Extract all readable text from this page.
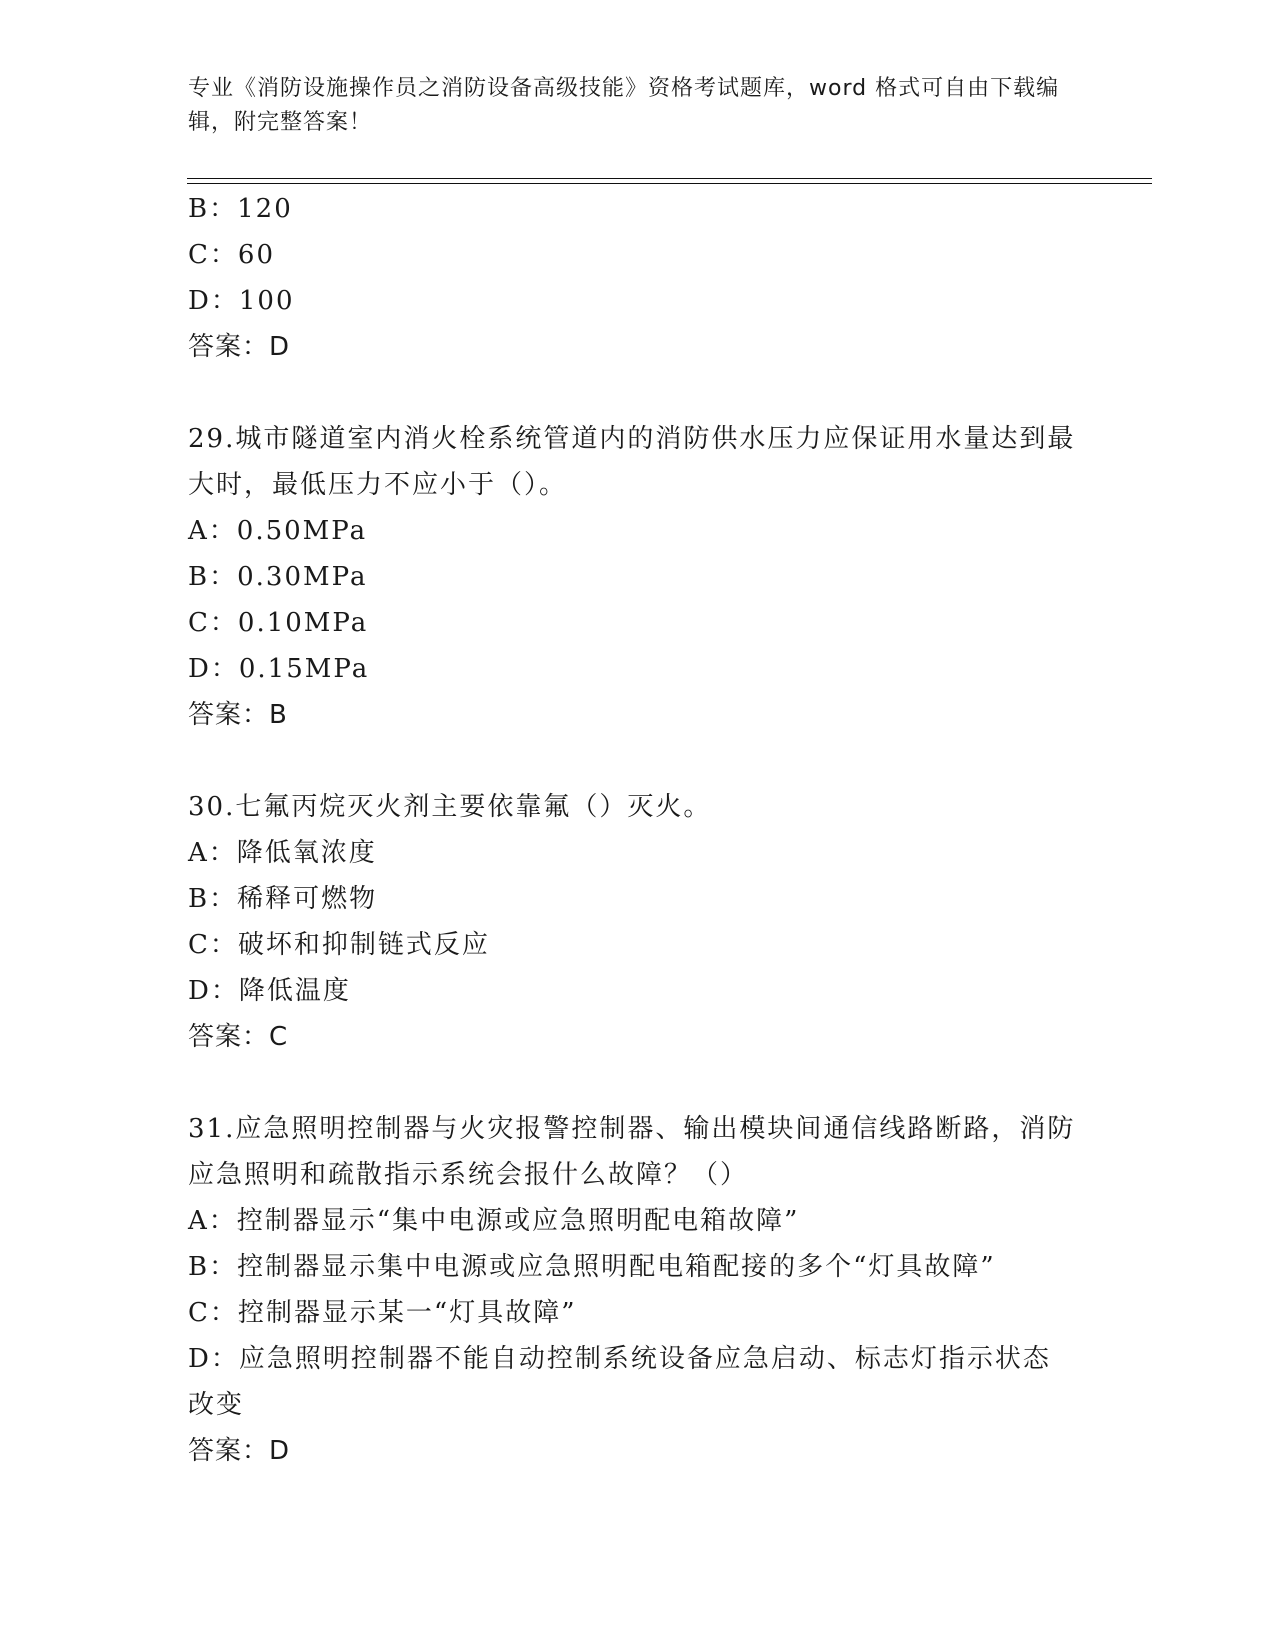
专业《消防设施操作员之消防设备高级技能》资格考试题库，word 格式可自由下载编辑，附完整答案！
B：120
C：60
D：100
答案：D
29.城市隧道室内消火栓系统管道内的消防供水压力应保证用水量达到最大时，最低压力不应小于（）。
A：0.50MPa
B：0.30MPa
C：0.10MPa
D：0.15MPa
答案：B
30.七氟丙烷灭火剂主要依靠氟（）灭火。
A：降低氧浓度
B：稀释可燃物
C：破坏和抑制链式反应
D：降低温度
答案：C
31.应急照明控制器与火灾报警控制器、输出模块间通信线路断路，消防应急照明和疏散指示系统会报什么故障？（）
A：控制器显示“集中电源或应急照明配电箱故障”
B：控制器显示集中电源或应急照明配电箱配接的多个“灯具故障”
C：控制器显示某一“灯具故障”
D：应急照明控制器不能自动控制系统设备应急启动、标志灯指示状态改变
答案：D
